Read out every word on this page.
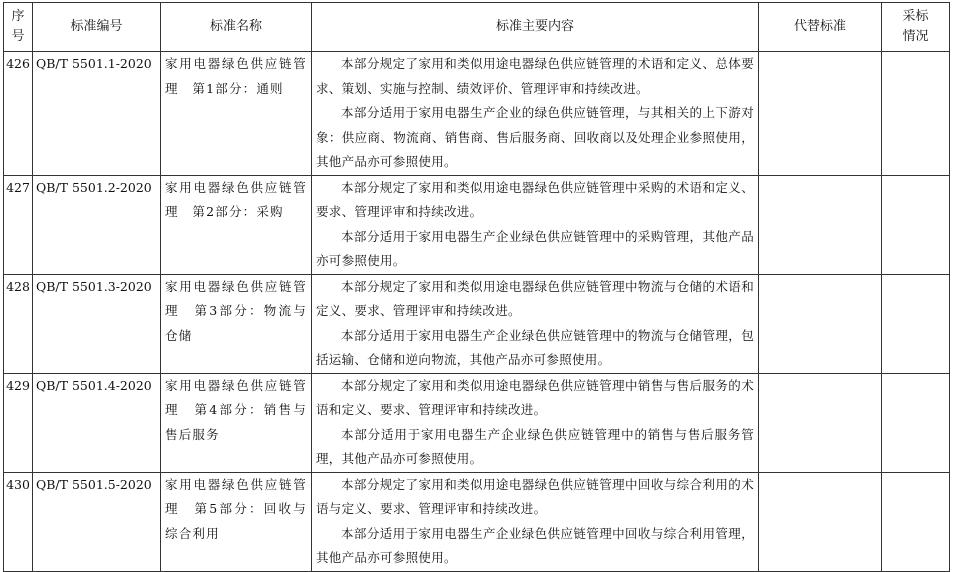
序
号	标准编号	标准名称	标准主要内容	代替标准	采标
情况

426	QB/T 5501.1-2020	家用电器绿色供应链管理　第1部分：通则	本部分规定了家用和类似用途电器绿色供应链管理的术语和定义、总体要求、策划、实施与控制、绩效评价、管理评审和持续改进。

本部分适用于家用电器生产企业的绿色供应链管理，与其相关的上下游对象：供应商、物流商、销售商、售后服务商、回收商以及处理企业参照使用，其他产品亦可参照使用。		

427	QB/T 5501.2-2020	家用电器绿色供应链管理　第2部分：采购	本部分规定了家用和类似用途电器绿色供应链管理中采购的术语和定义、要求、管理评审和持续改进。

本部分适用于家用电器生产企业绿色供应链管理中的采购管理，其他产品亦可参照使用。		

428	QB/T 5501.3-2020	家用电器绿色供应链管理　第3部分：物流与仓储	本部分规定了家用和类似用途电器绿色供应链管理中物流与仓储的术语和定义、要求、管理评审和持续改进。

本部分适用于家用电器生产企业绿色供应链管理中的物流与仓储管理，包括运输、仓储和逆向物流，其他产品亦可参照使用。		

429	QB/T 5501.4-2020	家用电器绿色供应链管理　第4部分：销售与售后服务	本部分规定了家用和类似用途电器绿色供应链管理中销售与售后服务的术语和定义、要求、管理评审和持续改进。

本部分适用于家用电器生产企业绿色供应链管理中的销售与售后服务管理，其他产品亦可参照使用。		

430	QB/T 5501.5-2020	家用电器绿色供应链管理　第5部分：回收与综合利用	本部分规定了家用和类似用途电器绿色供应链管理中回收与综合利用的术语与定义、要求、管理评审和持续改进。

本部分适用于家用电器生产企业绿色供应链管理中回收与综合利用管理，其他产品亦可参照使用。		
